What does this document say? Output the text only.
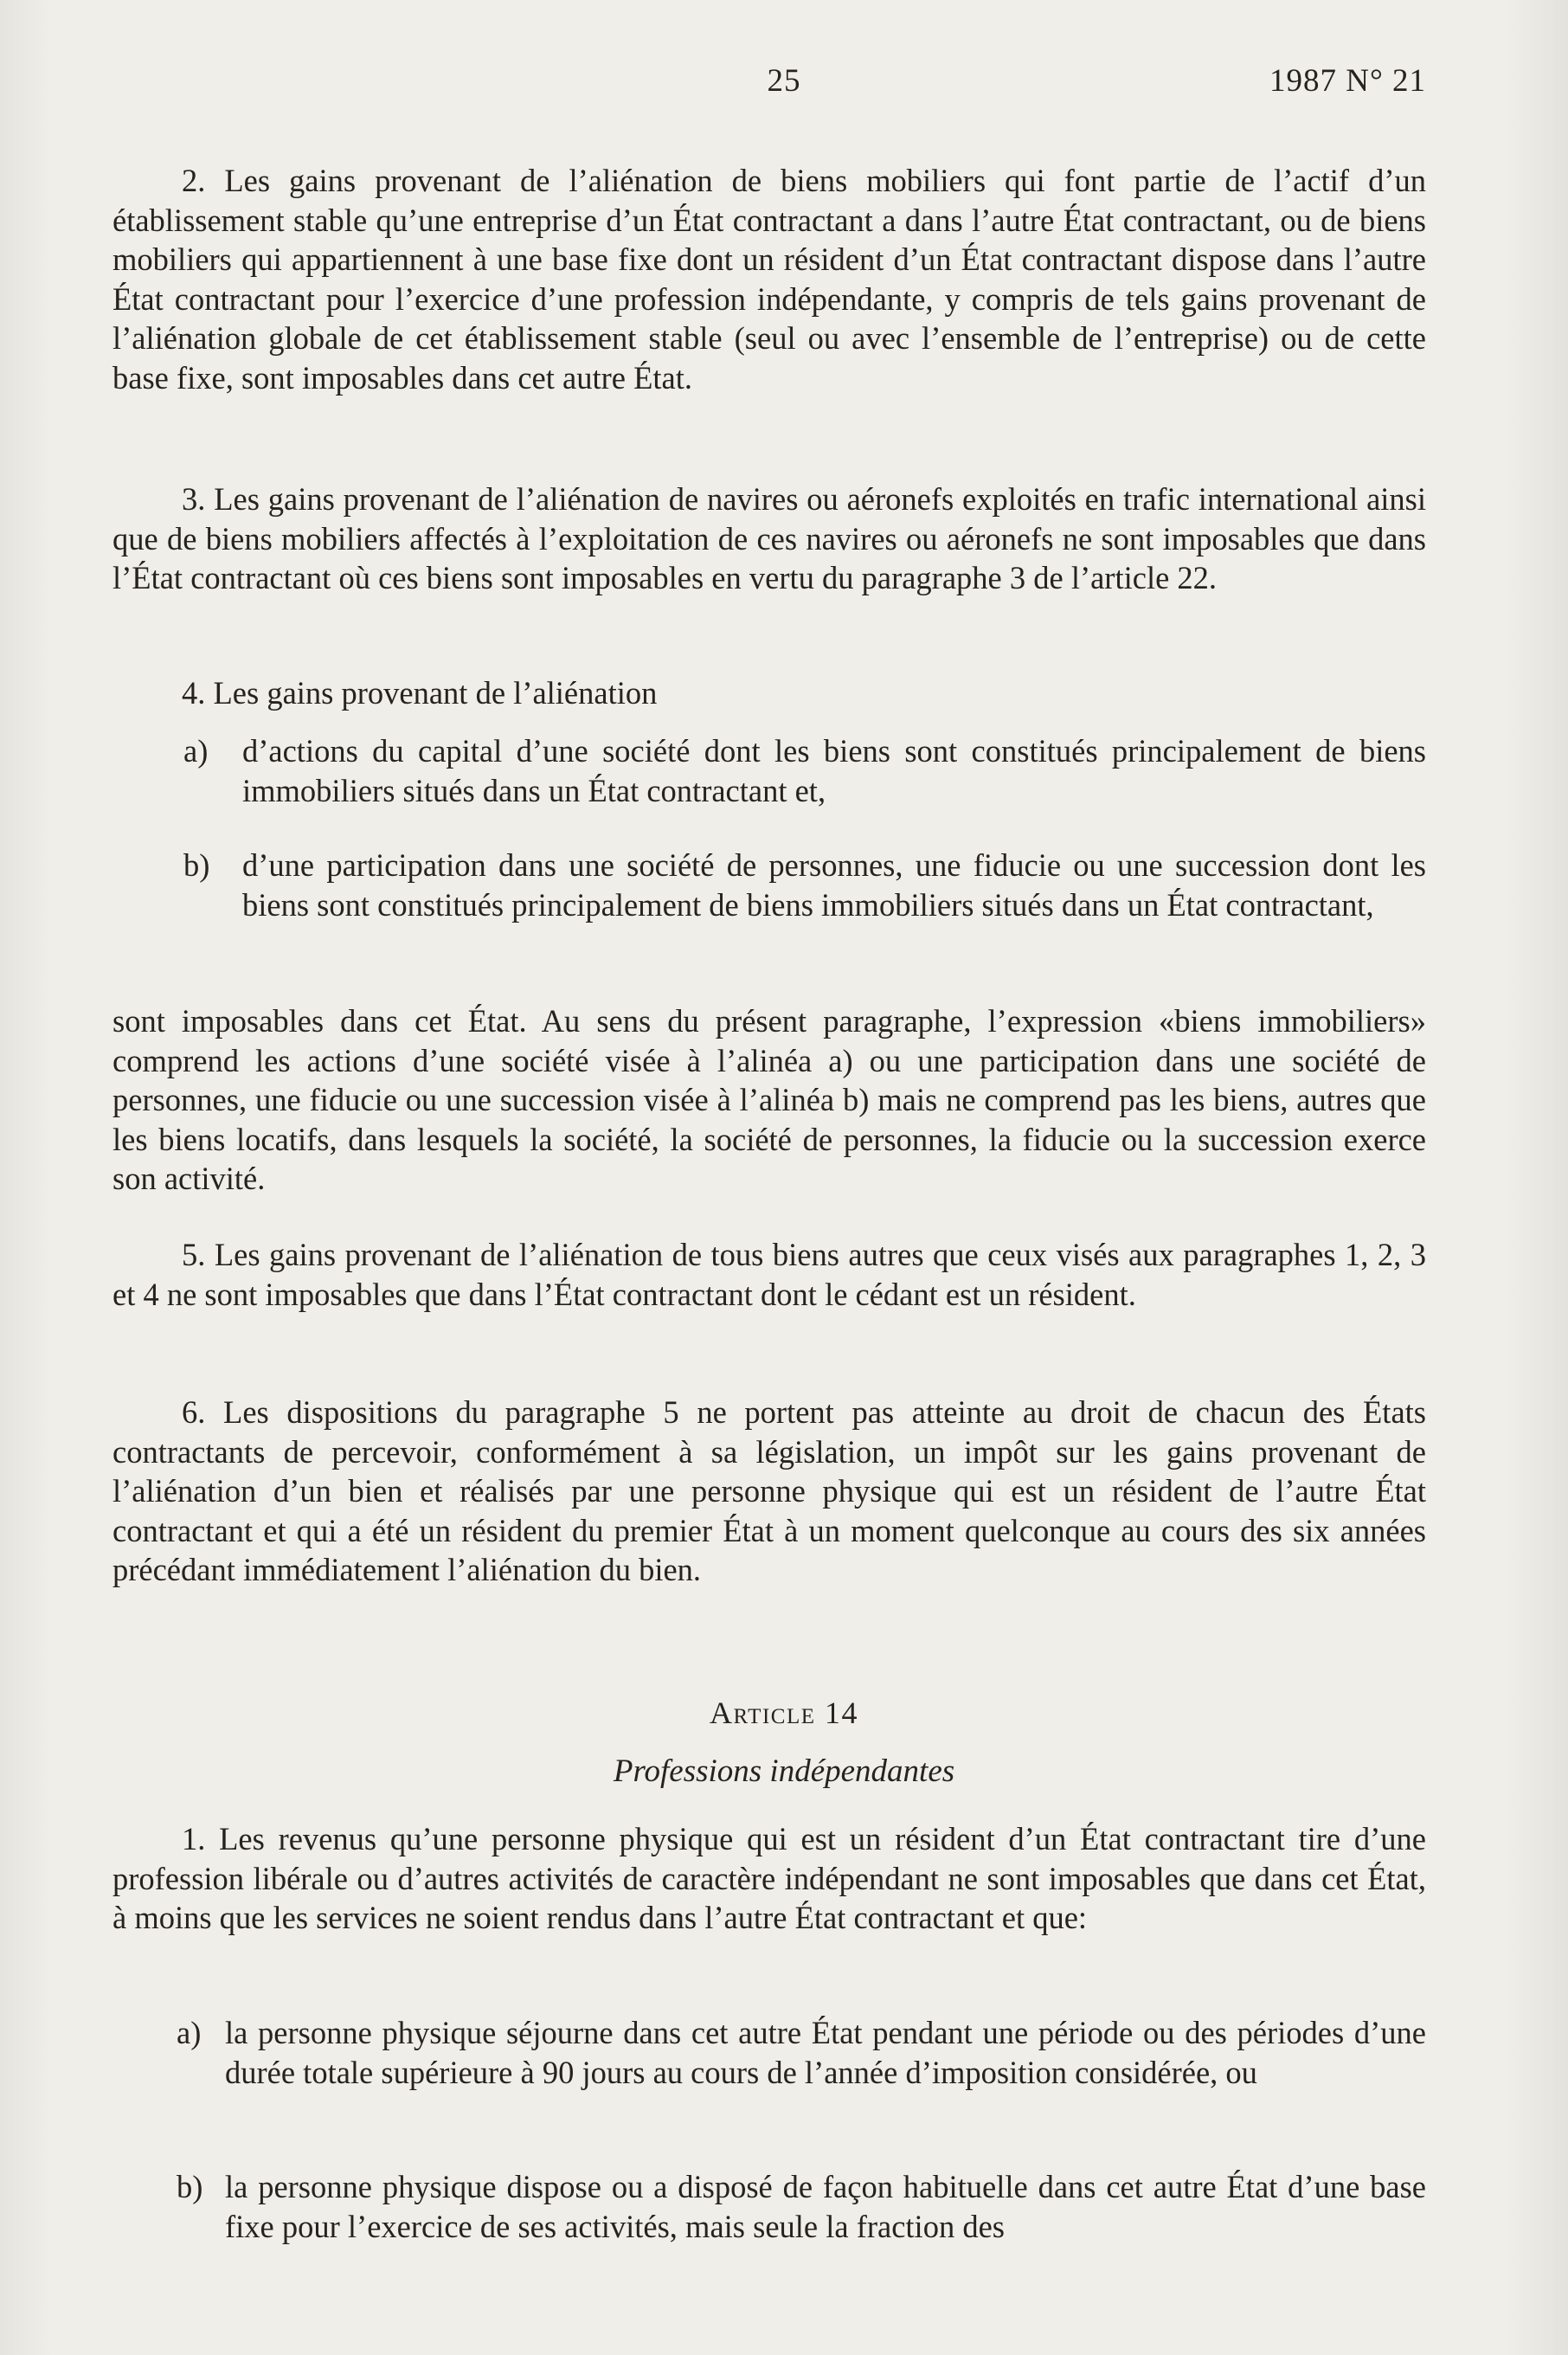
25	1987 N° 21

2. Les gains provenant de l’aliénation de biens mobiliers qui font partie de l’actif d’un établissement stable qu’une entreprise d’un État contractant a dans l’autre État contractant, ou de biens mobiliers qui appartiennent à une base fixe dont un résident d’un État contractant dispose dans l’autre État contractant pour l’exercice d’une profession indépendante, y compris de tels gains provenant de l’aliénation globale de cet établissement stable (seul ou avec l’ensemble de l’entreprise) ou de cette base fixe, sont imposables dans cet autre État.

3. Les gains provenant de l’aliénation de navires ou aéronefs exploités en trafic international ainsi que de biens mobiliers affectés à l’exploitation de ces navires ou aéronefs ne sont imposables que dans l’État contractant où ces biens sont imposables en vertu du paragraphe 3 de l’article 22.

4. Les gains provenant de l’aliénation

a) d’actions du capital d’une société dont les biens sont constitués principalement de biens immobiliers situés dans un État contractant et,
b) d’une participation dans une société de personnes, une fiducie ou une succession dont les biens sont constitués principalement de biens immobiliers situés dans un État contractant,

sont imposables dans cet État. Au sens du présent paragraphe, l’expression «biens immobiliers» comprend les actions d’une société visée à l’alinéa a) ou une participation dans une société de personnes, une fiducie ou une succession visée à l’alinéa b) mais ne comprend pas les biens, autres que les biens locatifs, dans lesquels la société, la société de personnes, la fiducie ou la succession exerce son activité.

5. Les gains provenant de l’aliénation de tous biens autres que ceux visés aux paragraphes 1, 2, 3 et 4 ne sont imposables que dans l’État contractant dont le cédant est un résident.

6. Les dispositions du paragraphe 5 ne portent pas atteinte au droit de chacun des États contractants de percevoir, conformément à sa législation, un impôt sur les gains provenant de l’aliénation d’un bien et réalisés par une personne physique qui est un résident de l’autre État contractant et qui a été un résident du premier État à un moment quelconque au cours des six années précédant immédiatement l’aliénation du bien.

Article 14
Professions indépendantes

1. Les revenus qu’une personne physique qui est un résident d’un État contractant tire d’une profession libérale ou d’autres activités de caractère indépendant ne sont imposables que dans cet État, à moins que les services ne soient rendus dans l’autre État contractant et que:

a) la personne physique séjourne dans cet autre État pendant une période ou des périodes d’une durée totale supérieure à 90 jours au cours de l’année d’imposition considérée, ou
b) la personne physique dispose ou a disposé de façon habituelle dans cet autre État d’une base fixe pour l’exercice de ses activités, mais seule la fraction des
